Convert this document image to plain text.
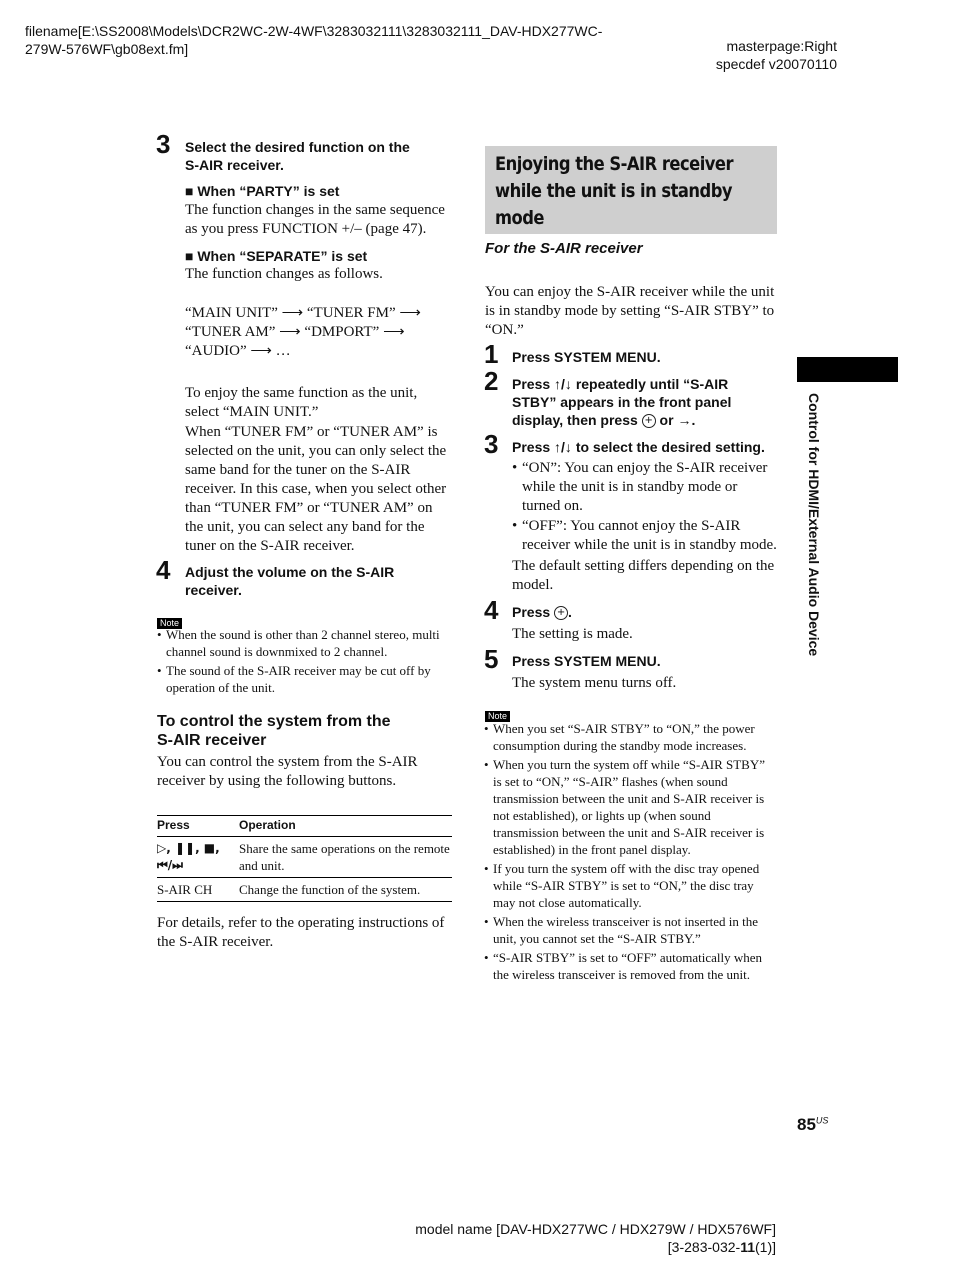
filename[E:\SS2008\Models\DCR2WC-2W-4WF\3283032111\3283032111_DAV-HDX277WC-
279W-576WF\gb08ext.fm]	masterpage:Right
specdef v20070110
3 Select the desired function on the
S-AIR receiver.
■ When “PARTY” is set
The function changes in the same sequence
as you press FUNCTION +/– (page 47).
■ When “SEPARATE” is set
The function changes as follows.
“MAIN UNIT” ⟶ “TUNER FM” ⟶
“TUNER AM” ⟶ “DMPORT” ⟶
“AUDIO” ⟶ …
To enjoy the same function as the unit,
select “MAIN UNIT.”
When “TUNER FM” or “TUNER AM” is
selected on the unit, you can only select the
same band for the tuner on the S-AIR
receiver. In this case, when you select other
than “TUNER FM” or “TUNER AM” on
the unit, you can select any band for the
tuner on the S-AIR receiver.
4 Adjust the volume on the S-AIR
receiver.
Note
• When the sound is other than 2 channel stereo, multi channel sound is downmixed to 2 channel.
• The sound of the S-AIR receiver may be cut off by operation of the unit.
To control the system from the
S-AIR receiver
You can control the system from the S-AIR
receiver by using the following buttons.
Press	Operation

▷, ❚❚, ■,
⏮/⏭	Share the same operations on the remote and unit.
S-AIR CH	Change the function of the system.
For details, refer to the operating instructions of
the S-AIR receiver.
Enjoying the S-AIR receiver
while the unit is in standby
mode
For the S-AIR receiver
You can enjoy the S-AIR receiver while the unit
is in standby mode by setting “S-AIR STBY” to
“ON.”
1 Press SYSTEM MENU.
2 Press ↑/↓ repeatedly until “S-AIR
STBY” appears in the front panel
display, then press + or →.
3 Press ↑/↓ to select the desired setting.
• “ON”: You can enjoy the S-AIR receiver while the unit is in standby mode or turned on.
• “OFF”: You cannot enjoy the S-AIR receiver while the unit is in standby mode.
The default setting differs depending on the
model.
4 Press + .
The setting is made.
5 Press SYSTEM MENU.
The system menu turns off.
Note
• When you set “S-AIR STBY” to “ON,” the power consumption during the standby mode increases.
• When you turn the system off while “S-AIR STBY” is set to “ON,” “S-AIR” flashes (when sound transmission between the unit and S-AIR receiver is not established), or lights up (when sound transmission between the unit and S-AIR receiver is established) in the front panel display.
• If you turn the system off with the disc tray opened while “S-AIR STBY” is set to “ON,” the disc tray may not close automatically.
• When the wireless transceiver is not inserted in the unit, you cannot set the “S-AIR STBY.”
• “S-AIR STBY” is set to “OFF” automatically when the wireless transceiver is removed from the unit.
Control for HDMI/External Audio Device
$85^{US}$
model name [DAV-HDX277WC / HDX279W / HDX576WF]
[3-283-032-11(1)]
